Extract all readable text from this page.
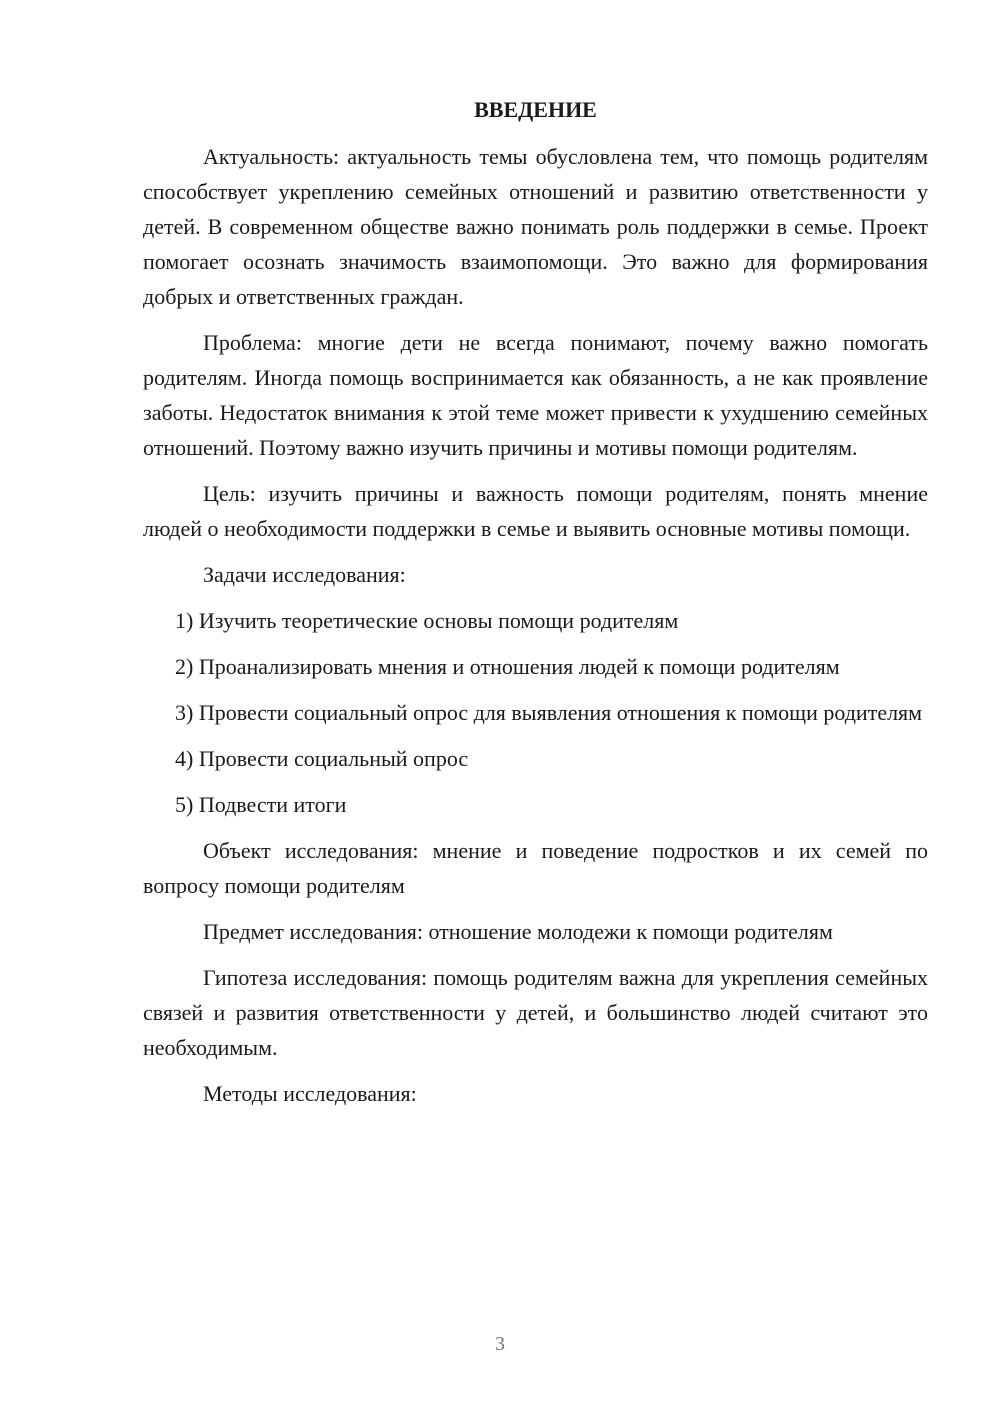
ВВЕДЕНИЕ

Актуальность: актуальность темы обусловлена тем, что помощь родителям способствует укреплению семейных отношений и развитию ответственности у детей. В современном обществе важно понимать роль поддержки в семье. Проект помогает осознать значимость взаимопомощи. Это важно для формирования добрых и ответственных граждан.

Проблема: многие дети не всегда понимают, почему важно помогать родителям. Иногда помощь воспринимается как обязанность, а не как проявление заботы. Недостаток внимания к этой теме может привести к ухудшению семейных отношений. Поэтому важно изучить причины и мотивы помощи родителям.

Цель: изучить причины и важность помощи родителям, понять мнение людей о необходимости поддержки в семье и выявить основные мотивы помощи.

Задачи исследования:

1) Изучить теоретические основы помощи родителям

2) Проанализировать мнения и отношения людей к помощи родителям

3) Провести социальный опрос для выявления отношения к помощи родителям

4) Провести социальный опрос

5) Подвести итоги

Объект исследования: мнение и поведение подростков и их семей по вопросу помощи родителям

Предмет исследования: отношение молодежи к помощи родителям

Гипотеза исследования: помощь родителям важна для укрепления семейных связей и развития ответственности у детей, и большинство людей считают это необходимым.

Методы исследования:

3
